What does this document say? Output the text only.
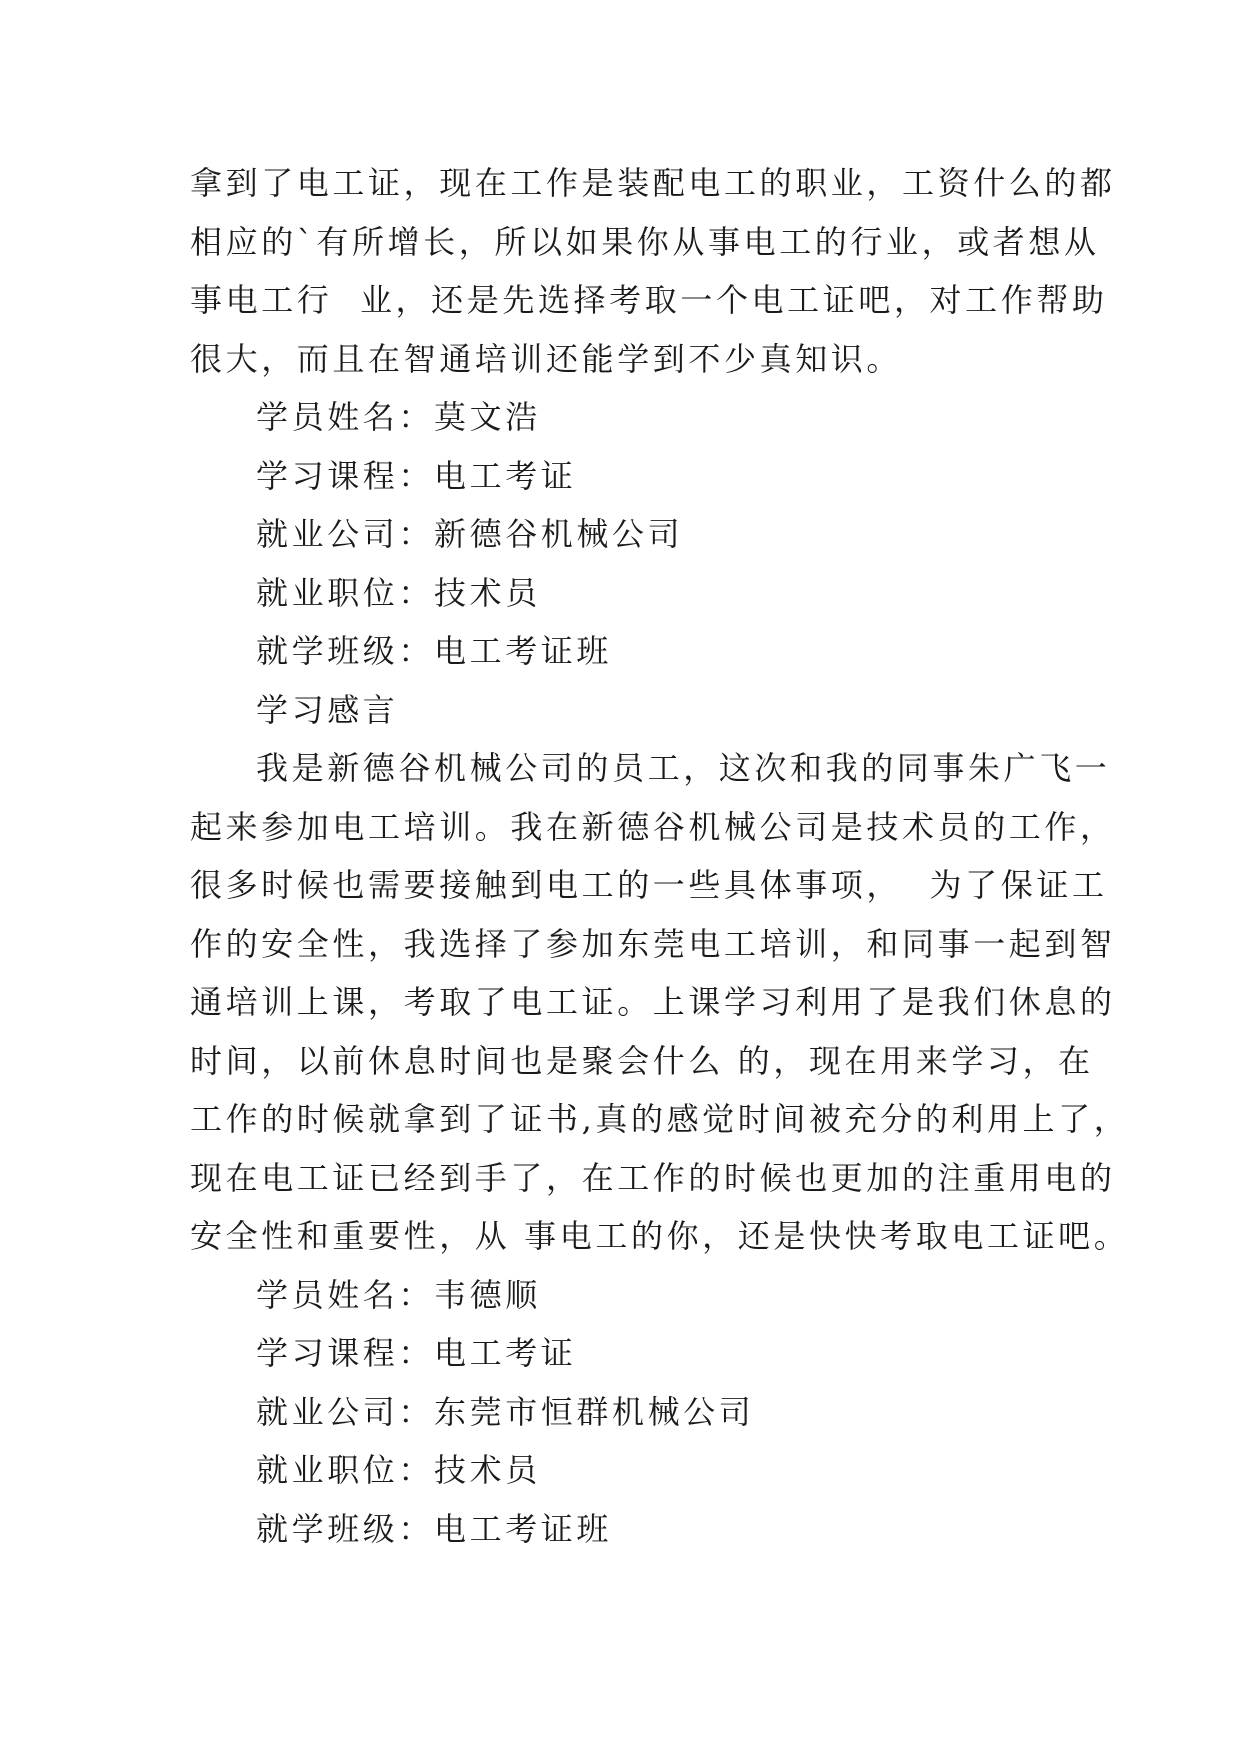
拿到了电工证，现在工作是装配电工的职业，工资什么的都
相应的`有所增长，所以如果你从事电工的行业，或者想从
事电工行  业，还是先选择考取一个电工证吧，对工作帮助
很大，而且在智通培训还能学到不少真知识。
学员姓名：莫文浩
学习课程：电工考证
就业公司：新德谷机械公司
就业职位：技术员
就学班级：电工考证班
学习感言
我是新德谷机械公司的员工，这次和我的同事朱广飞一
起来参加电工培训。我在新德谷机械公司是技术员的工作，
很多时候也需要接触到电工的一些具体事项，  为了保证工
作的安全性，我选择了参加东莞电工培训，和同事一起到智
通培训上课，考取了电工证。上课学习利用了是我们休息的
时间，以前休息时间也是聚会什么 的，现在用来学习，在
工作的时候就拿到了证书,真的感觉时间被充分的利用上了，
现在电工证已经到手了，在工作的时候也更加的注重用电的
安全性和重要性，从 事电工的你，还是快快考取电工证吧。
学员姓名：韦德顺
学习课程：电工考证
就业公司：东莞市恒群机械公司
就业职位：技术员
就学班级：电工考证班
